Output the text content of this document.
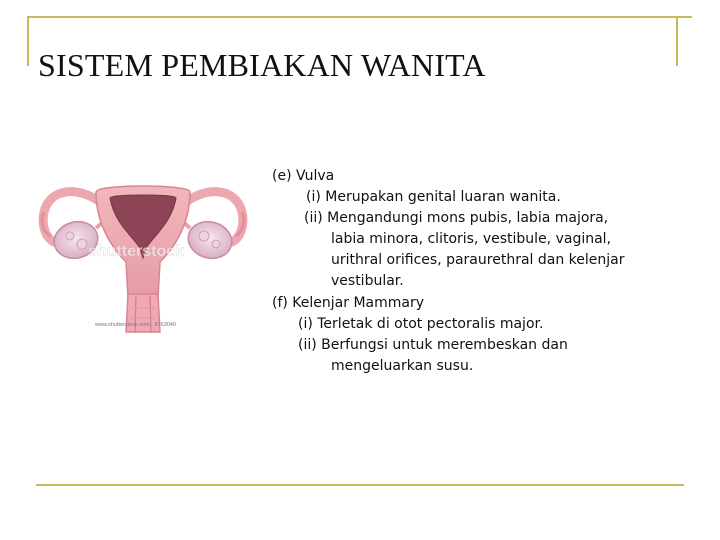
SISTEM PEMBIAKAN WANITA
shutterstock
www.shutterstock.com · 8763040
(e) Vulva
(i) Merupakan genital luaran wanita.
(ii) Mengandungi mons pubis, labia majora,
labia minora, clitoris, vestibule, vaginal,
urithral orifices, paraurethral dan kelenjar
vestibular.
(f) Kelenjar Mammary
(i) Terletak di otot pectoralis major.
(ii) Berfungsi untuk merembeskan dan
mengeluarkan susu.
